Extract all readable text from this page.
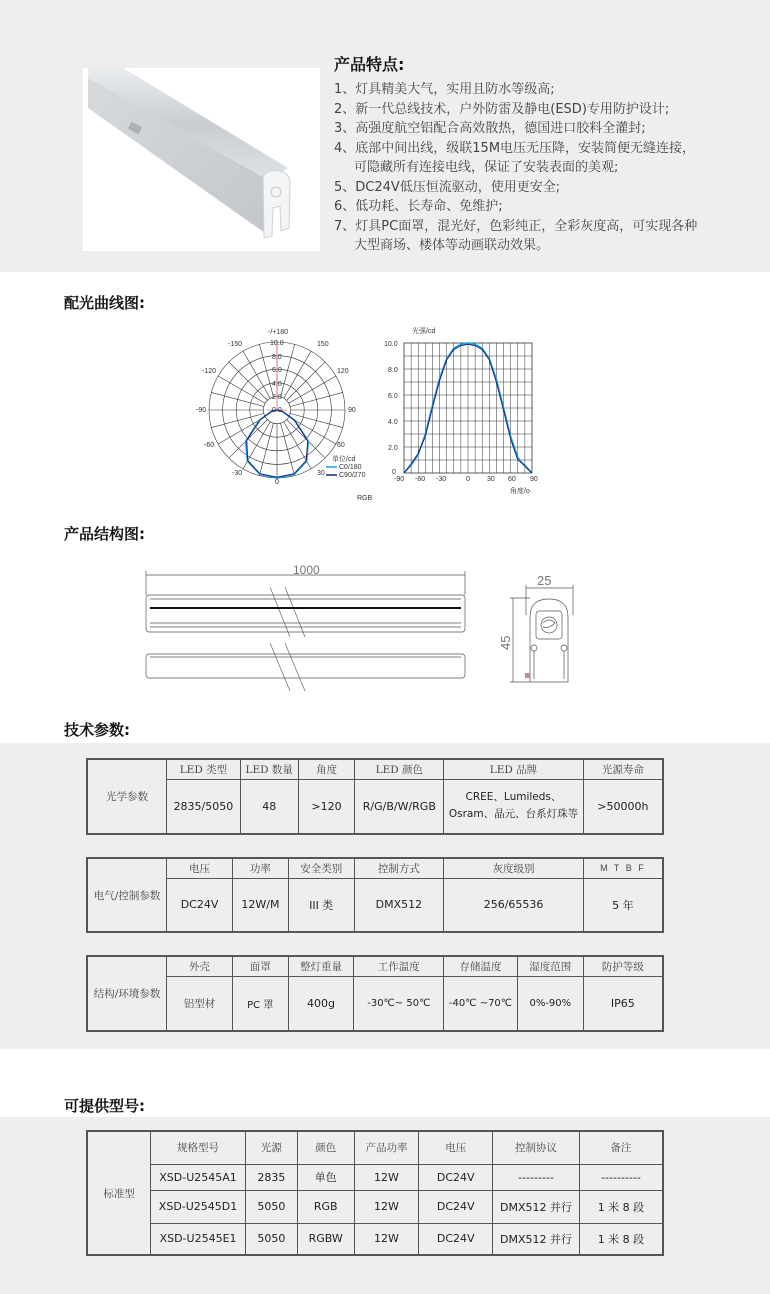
产品特点:
1、灯具精美大气，实用且防水等级高;
2、新一代总线技术，户外防雷及静电(ESD)专用防护设计;
3、高强度航空铝配合高效散热，德国进口胶料全灌封;
4、底部中间出线，级联15M电压无压降，安装简便无缝连接，
可隐藏所有连接电线，保证了安装表面的美观;
5、DC24V低压恒流驱动，使用更安全;
6、低功耗、长寿命、免维护;
7、灯具PC面罩，混光好，色彩纯正，全彩灰度高，可实现各种
大型商场、楼体等动画联动效果。
配光曲线图:
-/+180
-150	150
-120	120
-90	90
-60	60
-30	30
0
10.0
8.0
6.0
4.0
2.0
0.0
单位/cd
C0/180
C90/270
RGB
光强/cd
10.0
8.0
6.0
4.0
2.0
0
-90 -60 -30	0 30 60 90
角度/o
产品结构图:
1000
25
45
技术参数:
光学参数	LED 类型	LED 数量	角度	LED 颜色	LED 品牌	光源寿命
	2835/5050	48	>120	R/G/B/W/RGB	CREE、Lumileds、Osram、晶元、台系灯珠等	>50000h
电气/控制参数	电压	功率	安全类别	控制方式	灰度级别	M T B F
	DC24V	12W/M	III 类	DMX512	256/65536	5 年
结构/环境参数	外壳	面罩	整灯重量	工作温度	存储温度	湿度范围	防护等级
	铝型材	PC 罩	400g	-30℃~ 50℃	-40℃ ~70℃	0%-90%	IP65
可提供型号:
标准型	规格型号	光源	颜色	产品功率	电压	控制协议	备注
	XSD-U2545A1	2835	单色	12W	DC24V	---------	----------
	XSD-U2545D1	5050	RGB	12W	DC24V	DMX512 并行	1 米 8 段
	XSD-U2545E1	5050	RGBW	12W	DC24V	DMX512 并行	1 米 8 段
